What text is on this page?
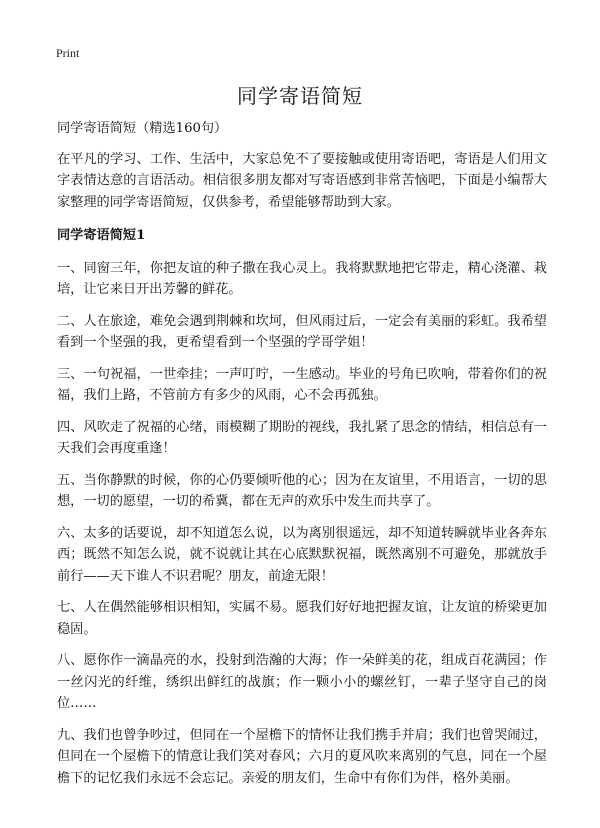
Print
同学寄语简短

同学寄语简短（精选160句）

在平凡的学习、工作、生活中，大家总免不了要接触或使用寄语吧，寄语是人们用文字表情达意的言语活动。相信很多朋友都对写寄语感到非常苦恼吧，下面是小编帮大家整理的同学寄语简短，仅供参考，希望能够帮助到大家。

同学寄语简短1

一、同窗三年，你把友谊的种子撒在我心灵上。我将默默地把它带走，精心浇灌、栽培，让它来日开出芳馨的鲜花。

二、人在旅途，难免会遇到荆棘和坎坷，但风雨过后，一定会有美丽的彩虹。我希望看到一个坚强的我，更希望看到一个坚强的学哥学姐！

三、一句祝福，一世牵挂；一声叮咛，一生感动。毕业的号角已吹响，带着你们的祝福，我们上路，不管前方有多少的风雨，心不会再孤独。

四、风吹走了祝福的心绪，雨模糊了期盼的视线，我扎紧了思念的情结，相信总有一天我们会再度重逢！

五、当你静默的时候，你的心仍要倾听他的心；因为在友谊里，不用语言，一切的思想，一切的愿望，一切的希冀，都在无声的欢乐中发生而共享了。

六、太多的话要说，却不知道怎么说，以为离别很遥远，却不知道转瞬就毕业各奔东西；既然不知怎么说，就不说就让其在心底默默祝福，既然离别不可避免，那就放手前行——天下谁人不识君呢？朋友，前途无限！

七、人在偶然能够相识相知，实属不易。愿我们好好地把握友谊，让友谊的桥梁更加稳固。

八、愿你作一滴晶亮的水，投射到浩瀚的大海；作一朵鲜美的花，组成百花满园；作一丝闪光的纤维，绣织出鲜红的战旗；作一颗小小的螺丝钉，一辈子坚守自己的岗位……

九、我们也曾争吵过，但同在一个屋檐下的情怀让我们携手并肩；我们也曾哭闹过，但同在一个屋檐下的情意让我们笑对春风；六月的夏风吹来离别的气息，同在一个屋檐下的记忆我们永远不会忘记。亲爱的朋友们，生命中有你们为伴，格外美丽。
